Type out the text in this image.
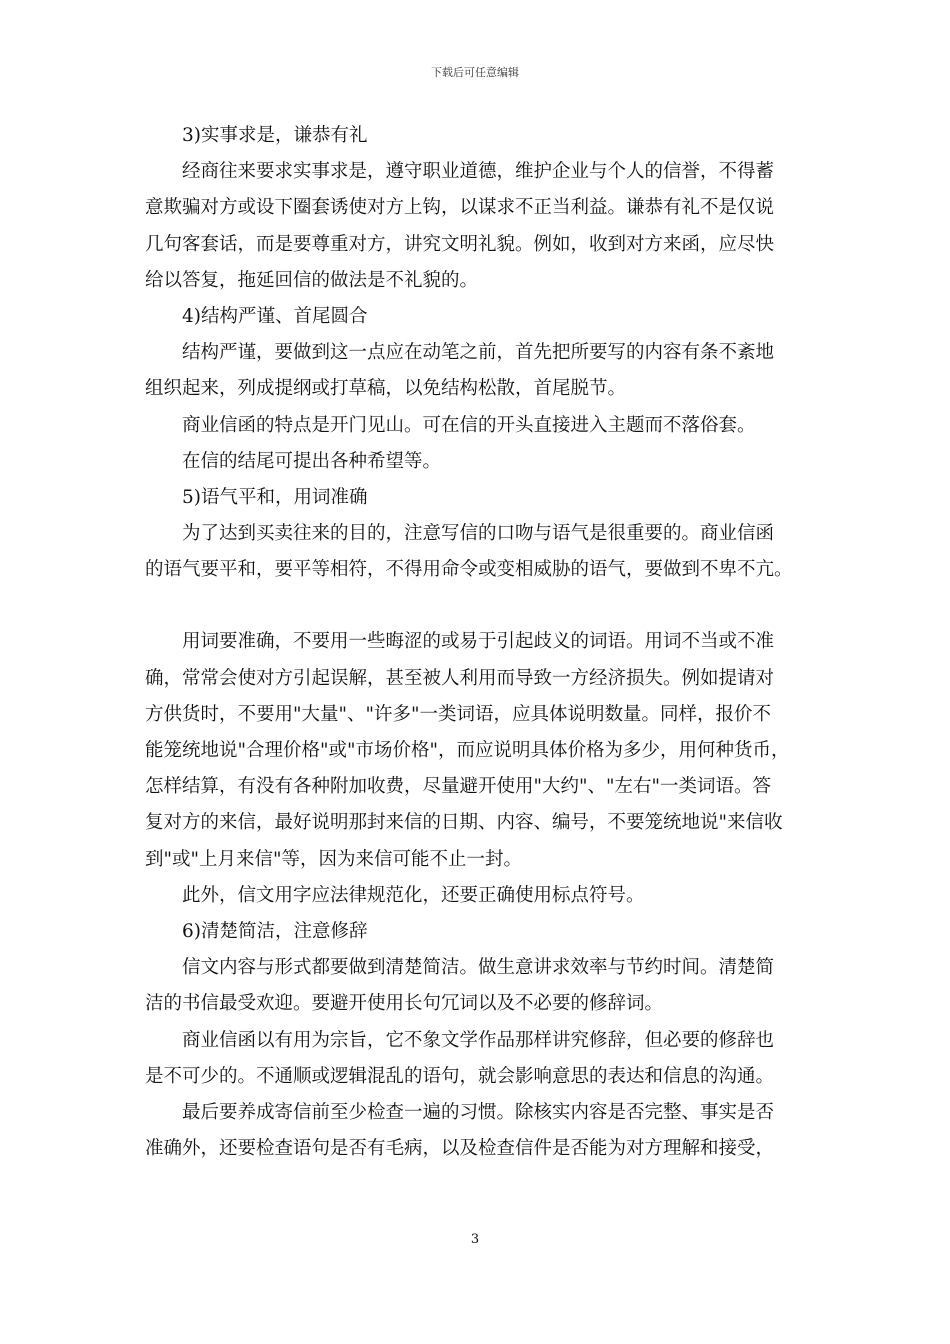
下载后可任意编辑
3)实事求是，谦恭有礼
经商往来要求实事求是，遵守职业道德，维护企业与个人的信誉，不得蓄
意欺骗对方或设下圈套诱使对方上钩，以谋求不正当利益。谦恭有礼不是仅说
几句客套话，而是要尊重对方，讲究文明礼貌。例如，收到对方来函，应尽快
给以答复，拖延回信的做法是不礼貌的。
4)结构严谨、首尾圆合
结构严谨，要做到这一点应在动笔之前，首先把所要写的内容有条不紊地
组织起来，列成提纲或打草稿，以免结构松散，首尾脱节。
商业信函的特点是开门见山。可在信的开头直接进入主题而不落俗套。
在信的结尾可提出各种希望等。
5)语气平和，用词准确
为了达到买卖往来的目的，注意写信的口吻与语气是很重要的。商业信函
的语气要平和，要平等相符，不得用命令或变相威胁的语气，要做到不卑不亢。
用词要准确，不要用一些晦涩的或易于引起歧义的词语。用词不当或不准
确，常常会使对方引起误解，甚至被人利用而导致一方经济损失。例如提请对
方供货时，不要用"大量"、"许多"一类词语，应具体说明数量。同样，报价不
能笼统地说"合理价格"或"市场价格"，而应说明具体价格为多少，用何种货币，
怎样结算，有没有各种附加收费，尽量避开使用"大约"、"左右"一类词语。答
复对方的来信，最好说明那封来信的日期、内容、编号，不要笼统地说"来信收
到"或"上月来信"等，因为来信可能不止一封。
此外，信文用字应法律规范化，还要正确使用标点符号。
6)清楚简洁，注意修辞
信文内容与形式都要做到清楚简洁。做生意讲求效率与节约时间。清楚简
洁的书信最受欢迎。要避开使用长句冗词以及不必要的修辞词。
商业信函以有用为宗旨，它不象文学作品那样讲究修辞，但必要的修辞也
是不可少的。不通顺或逻辑混乱的语句，就会影响意思的表达和信息的沟通。
最后要养成寄信前至少检查一遍的习惯。除核实内容是否完整、事实是否
准确外，还要检查语句是否有毛病，以及检查信件是否能为对方理解和接受，
3
